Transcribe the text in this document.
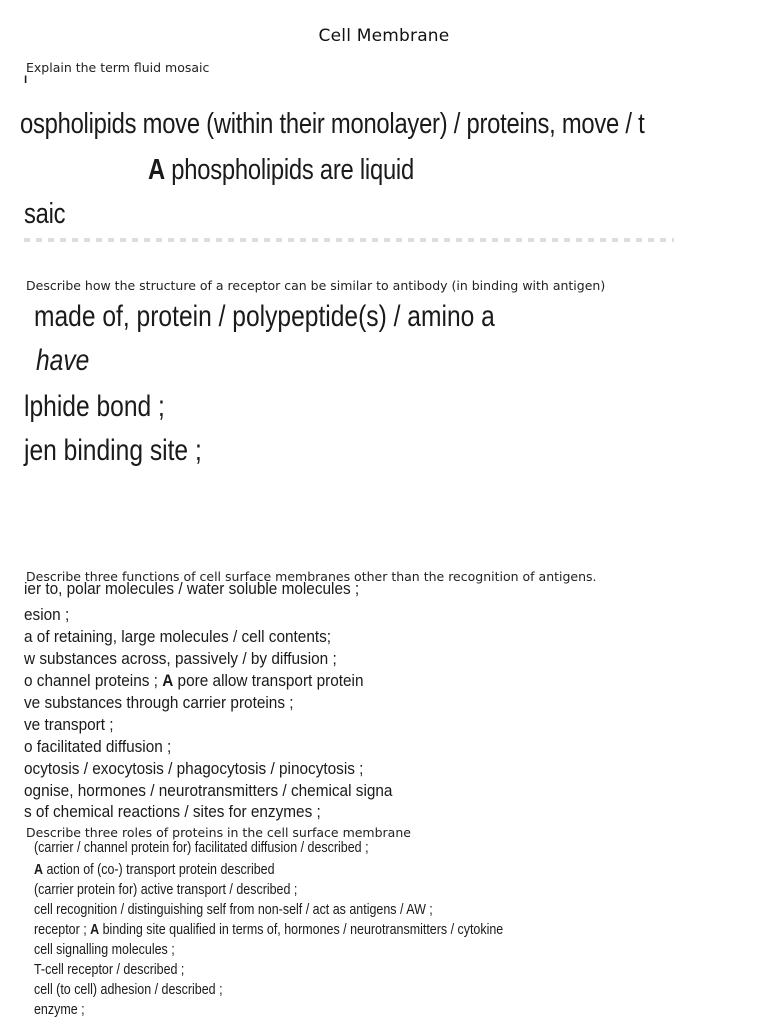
Cell Membrane
Explain the term fluid mosaic
ı
ospholipids move (within their monolayer) / proteins, move / t
A phospholipids are liquid
saic
Describe how the structure of a receptor can be similar to antibody (in binding with antigen)
made of, protein / polypeptide(s) / amino a
have
lphide bond ;
jen binding site ;
Describe three functions of cell surface membranes other than the recognition of antigens.
ier to, polar molecules / water soluble molecules ;
esion ;
a of retaining, large molecules / cell contents;
w substances across, passively / by diffusion ;
o channel proteins ; A pore allow transport protein
ve substances through carrier proteins ;
ve transport ;
o facilitated diffusion ;
ocytosis / exocytosis / phagocytosis / pinocytosis ;
ognise, hormones / neurotransmitters / chemical signa
s of chemical reactions / sites for enzymes ;
Describe three roles of proteins in the cell surface membrane
(carrier / channel protein for) facilitated diffusion / described ;
A action of (co-) transport protein described
(carrier protein for) active transport / described ;
cell recognition / distinguishing self from non-self / act as antigens / AW ;
receptor ; A binding site qualified in terms of, hormones / neurotransmitters / cytokine
cell signalling molecules ;
T-cell receptor / described ;
cell (to cell) adhesion / described ;
enzyme ;
